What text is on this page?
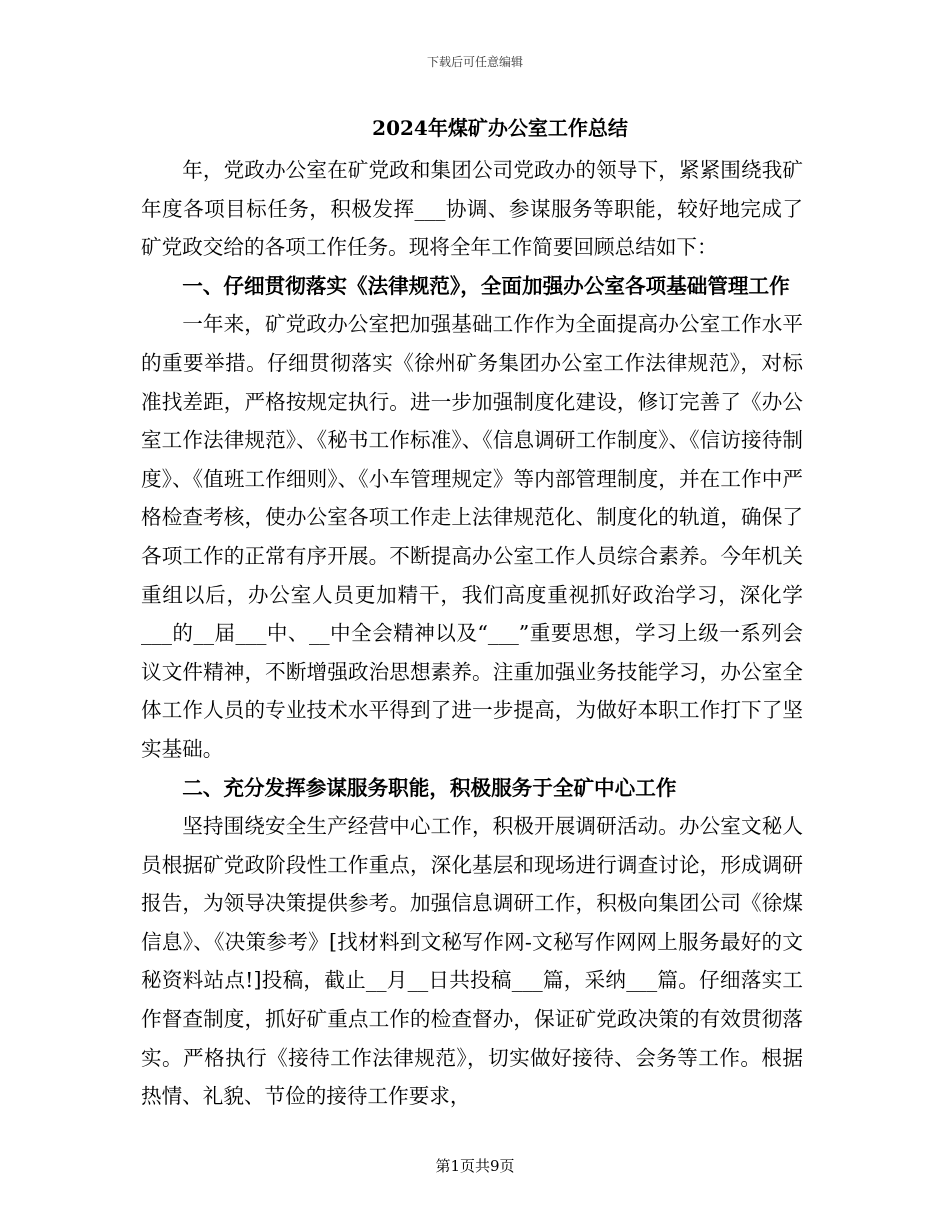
下载后可任意编辑
2024年煤矿办公室工作总结

年，党政办公室在矿党政和集团公司党政办的领导下，紧紧围绕我矿年度各项目标任务，积极发挥___协调、参谋服务等职能，较好地完成了矿党政交给的各项工作任务。现将全年工作简要回顾总结如下：

一、仔细贯彻落实《法律规范》，全面加强办公室各项基础管理工作

一年来，矿党政办公室把加强基础工作作为全面提高办公室工作水平的重要举措。仔细贯彻落实《徐州矿务集团办公室工作法律规范》，对标准找差距，严格按规定执行。进一步加强制度化建设，修订完善了《办公室工作法律规范》、《秘书工作标准》、《信息调研工作制度》、《信访接待制度》、《值班工作细则》、《小车管理规定》等内部管理制度，并在工作中严格检查考核，使办公室各项工作走上法律规范化、制度化的轨道，确保了各项工作的正常有序开展。不断提高办公室工作人员综合素养。今年机关重组以后，办公室人员更加精干，我们高度重视抓好政治学习，深化学___的__届___中、__中全会精神以及“___”重要思想，学习上级一系列会议文件精神，不断增强政治思想素养。注重加强业务技能学习，办公室全体工作人员的专业技术水平得到了进一步提高，为做好本职工作打下了坚实基础。

二、充分发挥参谋服务职能，积极服务于全矿中心工作

坚持围绕安全生产经营中心工作，积极开展调研活动。办公室文秘人员根据矿党政阶段性工作重点，深化基层和现场进行调查讨论，形成调研报告，为领导决策提供参考。加强信息调研工作，积极向集团公司《徐煤信息》、《决策参考》[找材料到文秘写作网-文秘写作网网上服务最好的文秘资料站点!]投稿，截止__月__日共投稿___篇，采纳___篇。仔细落实工作督查制度，抓好矿重点工作的检查督办，保证矿党政决策的有效贯彻落实。严格执行《接待工作法律规范》，切实做好接待、会务等工作。根据热情、礼貌、节俭的接待工作要求，

第1页共9页
